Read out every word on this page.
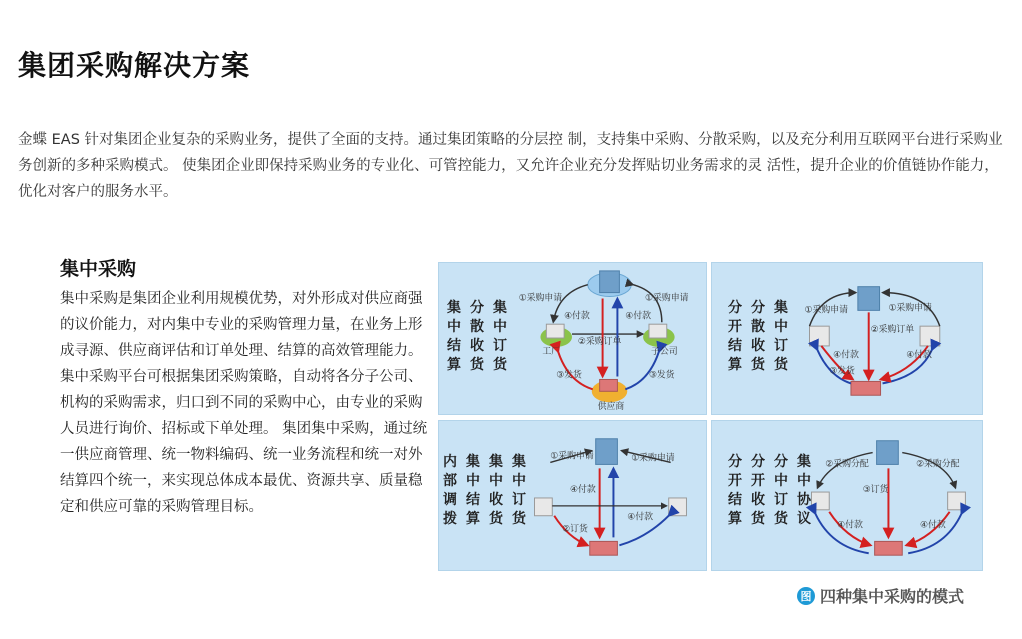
集团采购解决方案

金蝶 EAS 针对集团企业复杂的采购业务，提供了全面的支持。通过集团策略的分层控 制，支持集中采购、分散采购，以及充分利用互联网平台进行采购业务创新的多种采购模式。 使集团企业即保持采购业务的专业化、可管控能力，又允许企业充分发挥贴切业务需求的灵 活性，提升企业的价值链协作能力，优化对客户的服务水平。

集中采购

集中采购是集团企业利用规模优势，对外形成对供应商强的议价能力，对内集中专业的采购管理力量，在业务上形成寻源、供应商评估和订单处理、结算的高效管理能力。 集中采购平台可根据集团采购策略，自动将各分子公司、机构的采购需求，归口到不同的采购中心，由专业的采购人员进行询价、招标或下单处理。 集团集中采购，通过统一供应商管理、统一物料编码、统一业务流程和统一对外结算四个统一，来实现总体成本最优、资源共享、质量稳定和供应可靠的采购管理目标。

①采购申请	①采购申请
②采购订单
④付款	④付款
③发货	③发货
工厂	子公司
供应商
集 分 集
中 散 中
结 收 订
算 货 货
①采购申请	①采购申请
②采购订单
④付款	④付款
③发货
分 分 集
开 散 中
结 收 订
算 货 货
①采购申请	①采购申请
④付款
④付款
②订货
内 集 集 集
部 中 中 中
调 结 收 订
拨 算 货 货
②采购分配	②采购分配
③订货
④付款	④付款
分 分 分 集
开 开 中 中
结 收 订 协
算 货 货 议
图 四种集中采购的模式
